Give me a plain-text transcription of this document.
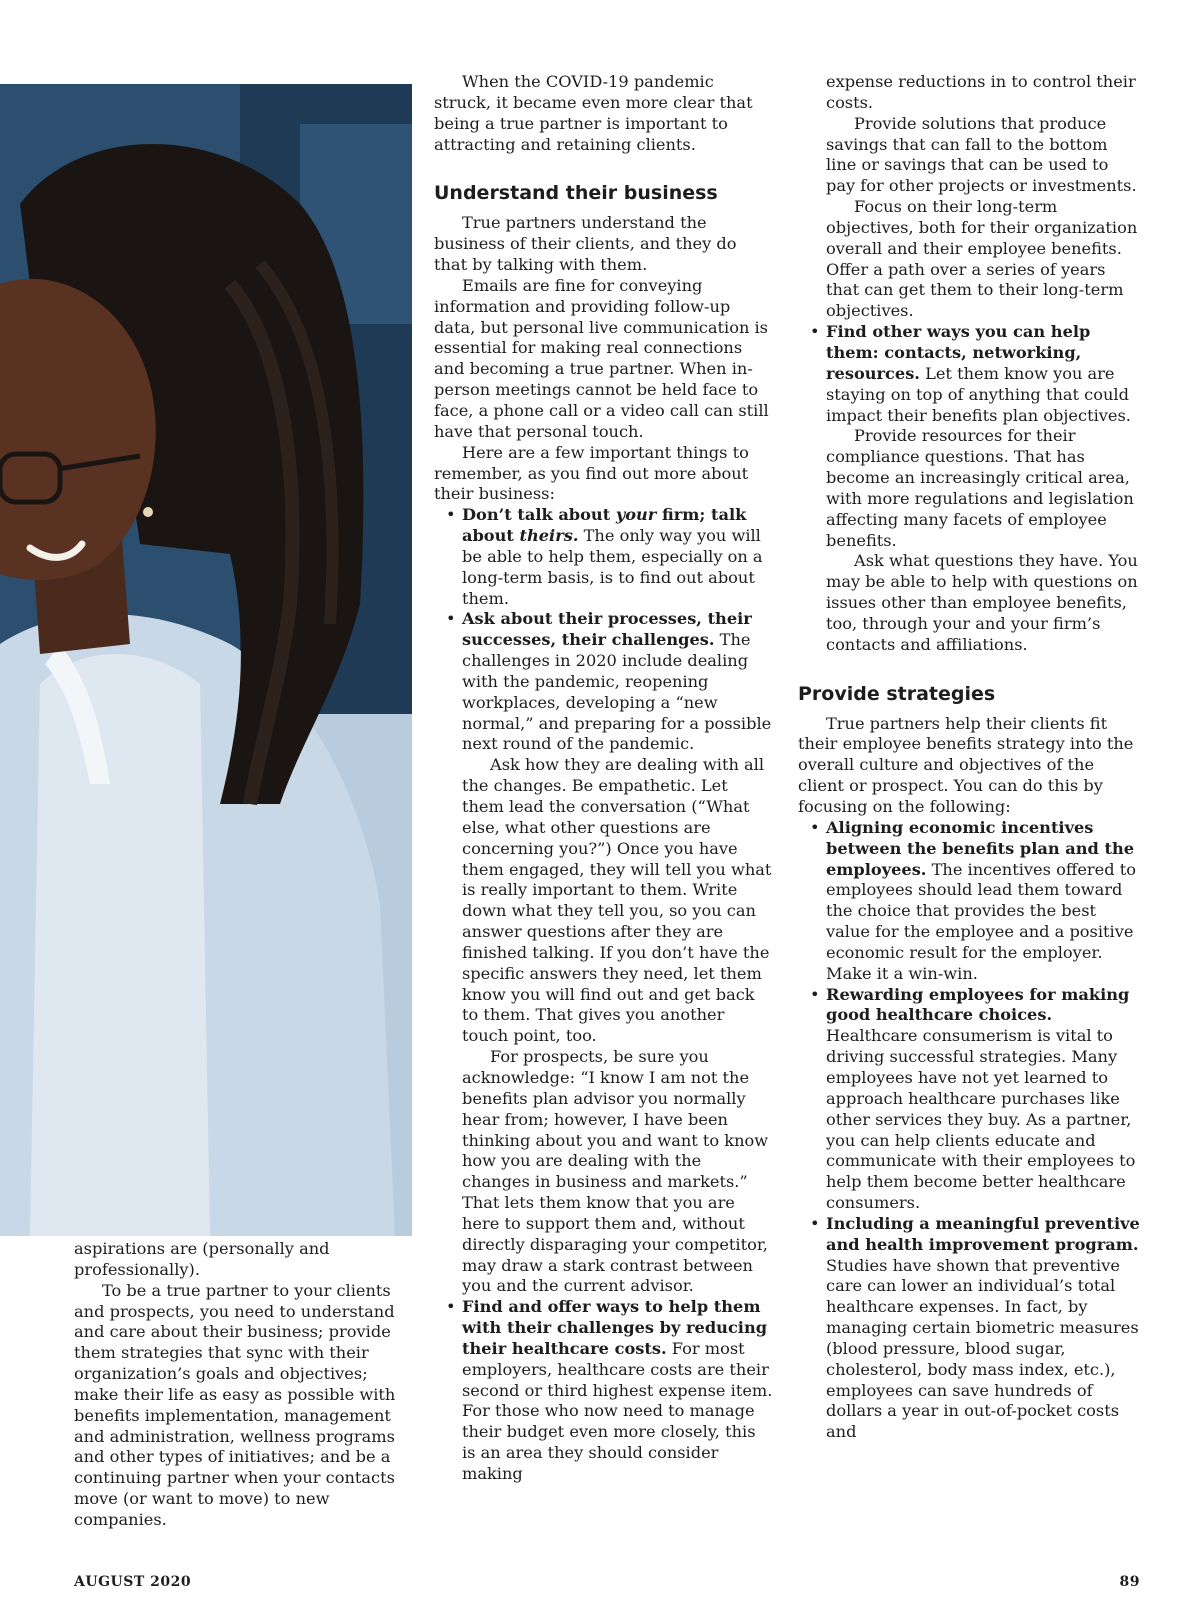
aspirations are (personally and professionally).

To be a true partner to your clients and prospects, you need to understand and care about their business; provide them strategies that sync with their organization’s goals and objectives; make their life as easy as possible with benefits implementation, management and administration, wellness programs and other types of initiatives; and be a continuing partner when your contacts move (or want to move) to new companies.

When the COVID-19 pandemic struck, it became even more clear that being a true partner is important to attracting and retaining clients.

Understand their business

True partners understand the business of their clients, and they do that by talking with them.

Emails are fine for conveying information and providing follow-up data, but personal live communication is essential for making real connections and becoming a true partner. When in-person meetings cannot be held face to face, a phone call or a video call can still have that personal touch.

Here are a few important things to remember, as you find out more about their business:

• Don’t talk about your firm; talk about theirs. The only way you will be able to help them, especially on a long-term basis, is to find out about them.

• Ask about their processes, their successes, their challenges. The challenges in 2020 include dealing with the pandemic, reopening workplaces, developing a “new normal,” and preparing for a possible next round of the pandemic.

Ask how they are dealing with all the changes. Be empathetic. Let them lead the conversation (“What else, what other questions are concerning you?”) Once you have them engaged, they will tell you what is really important to them. Write down what they tell you, so you can answer questions after they are finished talking. If you don’t have the specific answers they need, let them know you will find out and get back to them. That gives you another touch point, too.

For prospects, be sure you acknowledge: “I know I am not the benefits plan advisor you normally hear from; however, I have been thinking about you and want to know how you are dealing with the changes in business and markets.” That lets them know that you are here to support them and, without directly disparaging your competitor, may draw a stark contrast between you and the current advisor.

• Find and offer ways to help them with their challenges by reducing their healthcare costs. For most employers, healthcare costs are their second or third highest expense item. For those who now need to manage their budget even more closely, this is an area they should consider making

expense reductions in to control their costs.

Provide solutions that produce savings that can fall to the bottom line or savings that can be used to pay for other projects or investments.

Focus on their long-term objectives, both for their organization overall and their employee benefits. Offer a path over a series of years that can get them to their long-term objectives.

• Find other ways you can help them: contacts, networking, resources. Let them know you are staying on top of anything that could impact their benefits plan objectives.

Provide resources for their compliance questions. That has become an increasingly critical area, with more regulations and legislation affecting many facets of employee benefits.

Ask what questions they have. You may be able to help with questions on issues other than employee benefits, too, through your and your firm’s contacts and affiliations.

Provide strategies

True partners help their clients fit their employee benefits strategy into the overall culture and objectives of the client or prospect. You can do this by focusing on the following:

• Aligning economic incentives between the benefits plan and the employees. The incentives offered to employees should lead them toward the choice that provides the best value for the employee and a positive economic result for the employer. Make it a win-win.

• Rewarding employees for making good healthcare choices. Healthcare consumerism is vital to driving successful strategies. Many employees have not yet learned to approach healthcare purchases like other services they buy. As a partner, you can help clients educate and communicate with their employees to help them become better healthcare consumers.

• Including a meaningful preventive and health improvement program. Studies have shown that preventive care can lower an individual’s total healthcare expenses. In fact, by managing certain biometric measures (blood pressure, blood sugar, cholesterol, body mass index, etc.), employees can save hundreds of dollars a year in out-of-pocket costs and

AUGUST 2020	89
